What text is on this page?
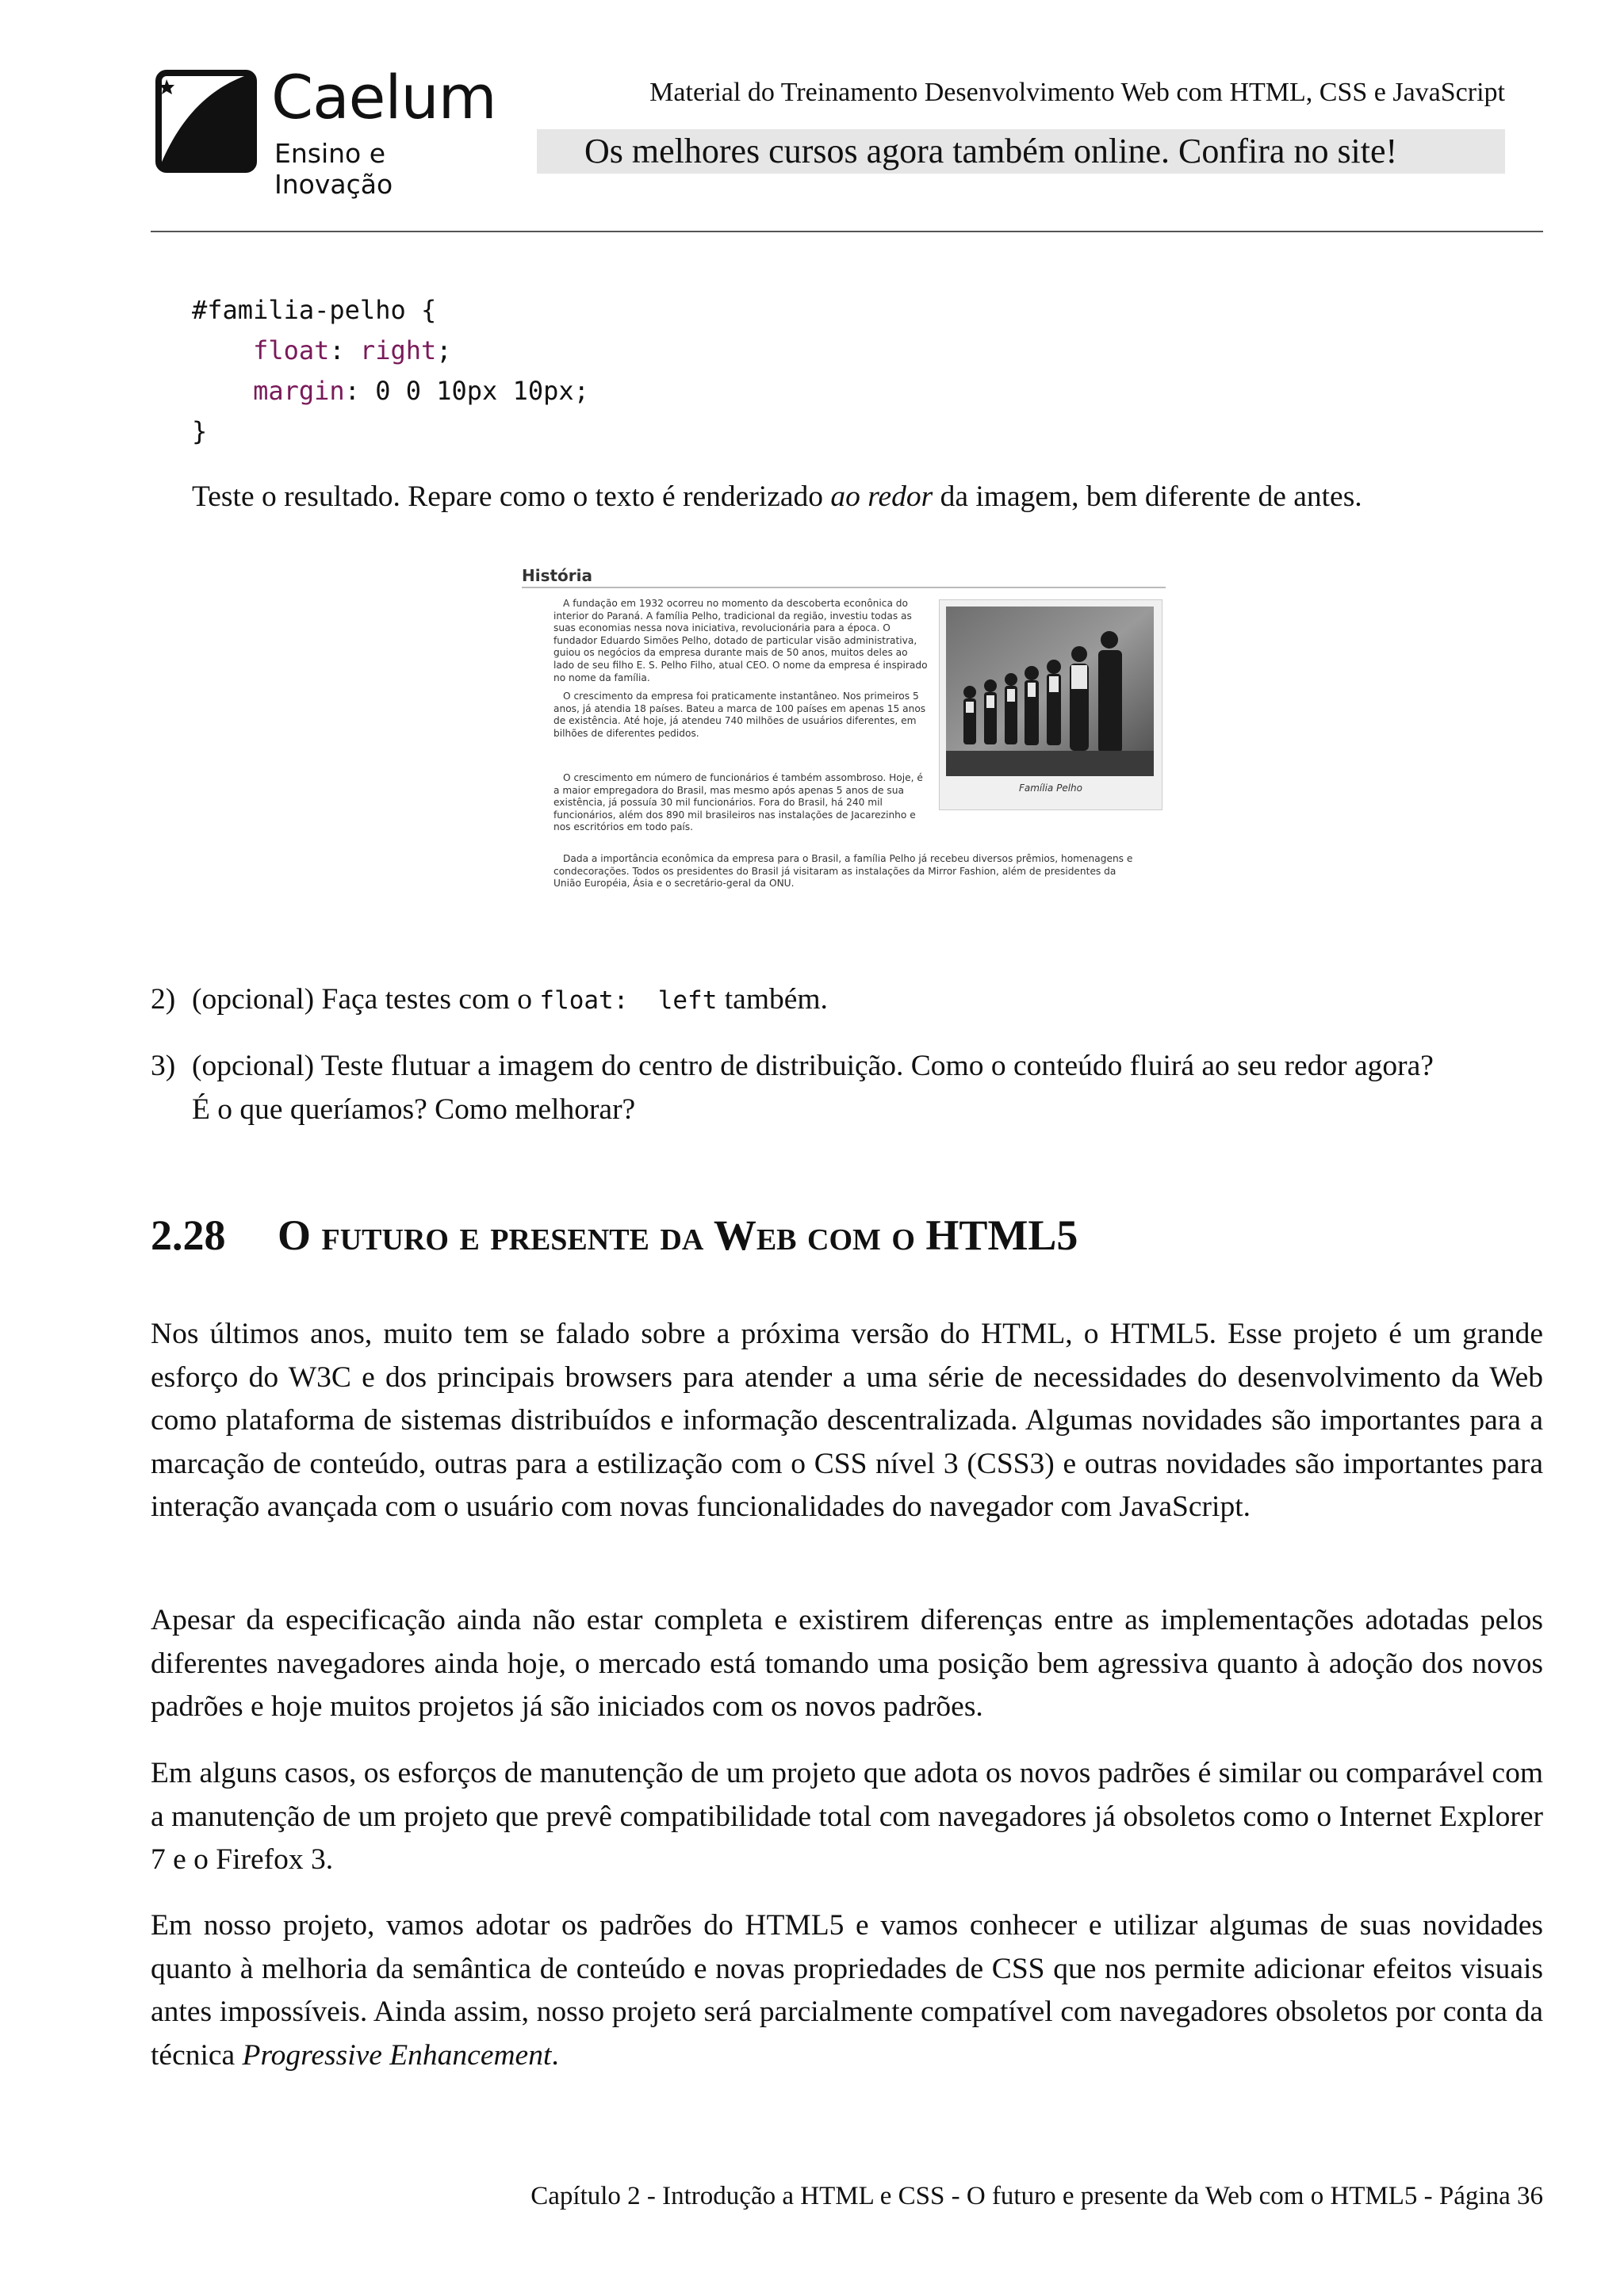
Caelum
Ensino e Inovação
Material do Treinamento Desenvolvimento Web com HTML, CSS e JavaScript
Os melhores cursos agora também online. Confira no site!
#familia-pelho {
float: right;
margin: 0 0 10px 10px;
}
Teste o resultado. Repare como o texto é renderizado ao redor da imagem, bem diferente de antes.
História

A fundação em 1932 ocorreu no momento da descoberta econônica do interior do Paraná. A família Pelho, tradicional da região, investiu todas as suas economias nessa nova iniciativa, revolucionária para a época. O fundador Eduardo Simões Pelho, dotado de particular visão administrativa, guiou os negócios da empresa durante mais de 50 anos, muitos deles ao lado de seu filho E. S. Pelho Filho, atual CEO. O nome da empresa é inspirado no nome da família.

O crescimento da empresa foi praticamente instantâneo. Nos primeiros 5 anos, já atendia 18 países. Bateu a marca de 100 países em apenas 15 anos de existência. Até hoje, já atendeu 740 milhões de usuários diferentes, em bilhões de diferentes pedidos.

O crescimento em número de funcionários é também assombroso. Hoje, é a maior empregadora do Brasil, mas mesmo após apenas 5 anos de sua existência, já possuía 30 mil funcionários. Fora do Brasil, há 240 mil funcionários, além dos 890 mil brasileiros nas instalações de Jacarezinho e nos escritórios em todo país.

Dada a importância econômica da empresa para o Brasil, a família Pelho já recebeu diversos prêmios, homenagens e condecorações. Todos os presidentes do Brasil já visitaram as instalações da Mirror Fashion, além de presidentes da União Européia, Ásia e o secretário-geral da ONU.

Família Pelho
2) (opcional) Faça testes com o float:  left também.
3) (opcional) Teste flutuar a imagem do centro de distribuição. Como o conteúdo fluirá ao seu redor agora?
É o que queríamos? Como melhorar?
2.28 O futuro e presente da Web com o HTML5
Nos últimos anos, muito tem se falado sobre a próxima versão do HTML, o HTML5. Esse projeto é um grande esforço do W3C e dos principais browsers para atender a uma série de necessidades do desenvolvimento da Web como plataforma de sistemas distribuídos e informação descentralizada. Algumas novidades são importantes para a marcação de conteúdo, outras para a estilização com o CSS nível 3 (CSS3) e outras novidades são importantes para interação avançada com o usuário com novas funcionalidades do navegador com JavaScript.
Apesar da especificação ainda não estar completa e existirem diferenças entre as implementações adotadas pelos diferentes navegadores ainda hoje, o mercado está tomando uma posição bem agressiva quanto à adoção dos novos padrões e hoje muitos projetos já são iniciados com os novos padrões.
Em alguns casos, os esforços de manutenção de um projeto que adota os novos padrões é similar ou comparável com a manutenção de um projeto que prevê compatibilidade total com navegadores já obsoletos como o Internet Explorer 7 e o Firefox 3.
Em nosso projeto, vamos adotar os padrões do HTML5 e vamos conhecer e utilizar algumas de suas novidades quanto à melhoria da semântica de conteúdo e novas propriedades de CSS que nos permite adicionar efeitos visuais antes impossíveis. Ainda assim, nosso projeto será parcialmente compatível com navegadores obsoletos por conta da técnica Progressive Enhancement.
Capítulo 2 - Introdução a HTML e CSS - O futuro e presente da Web com o HTML5 - Página 36
